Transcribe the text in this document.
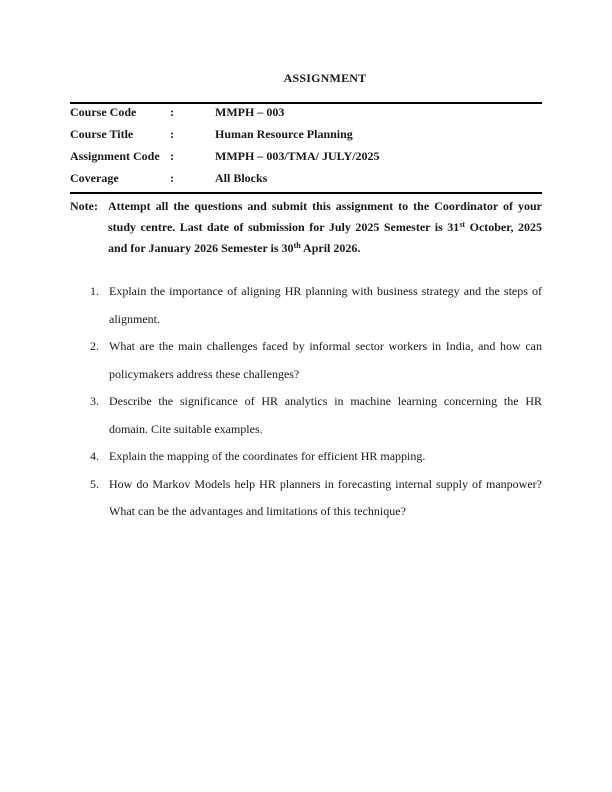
ASSIGNMENT
Course Code	:	MMPH – 003
Course Title	:	Human Resource Planning
Assignment Code :	MMPH – 003/TMA/ JULY/2025
Coverage	:	All Blocks
Note: Attempt all the questions and submit this assignment to the Coordinator of your study centre. Last date of submission for July 2025 Semester is 31st October, 2025 and for January 2026 Semester is 30th April 2026.
1. Explain the importance of aligning HR planning with business strategy and the steps of alignment.
2. What are the main challenges faced by informal sector workers in India, and how can policymakers address these challenges?
3. Describe the significance of HR analytics in machine learning concerning the HR domain. Cite suitable examples.
4. Explain the mapping of the coordinates for efficient HR mapping.
5. How do Markov Models help HR planners in forecasting internal supply of manpower? What can be the advantages and limitations of this technique?
